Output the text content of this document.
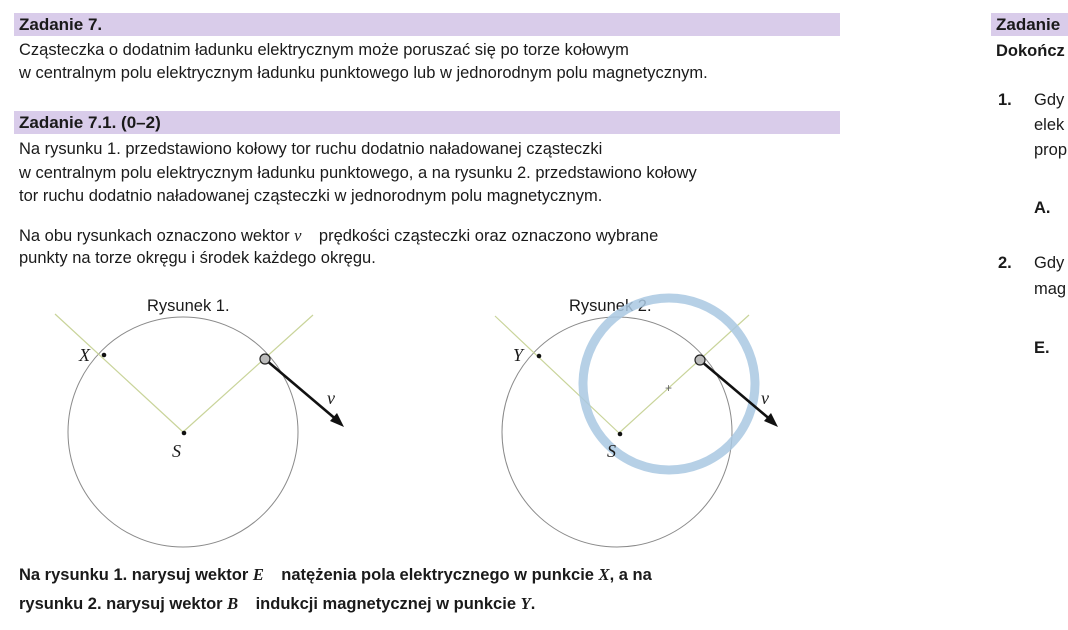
Zadanie 7.
Cząsteczka o dodatnim ładunku elektrycznym może poruszać się po torze kołowym
w centralnym polu elektrycznym ładunku punktowego lub w jednorodnym polu magnetycznym.
Zadanie 7.1. (0–2)
Na rysunku 1. przedstawiono kołowy tor ruchu dodatnio naładowanej cząsteczki
w centralnym polu elektrycznym ładunku punktowego, a na rysunku 2. przedstawiono kołowy
tor ruchu dodatnio naładowanej cząsteczki w jednorodnym polu magnetycznym.
Na obu rysunkach oznaczono wektor v⃗ prędkości cząsteczki oraz oznaczono wybrane
punkty na torze okręgu i środek każdego okręgu.
Rysunek 1.
X
S
v⃗
Rysunek 2.
+
Y
S
v⃗
Na rysunku 1. narysuj wektor E⃗ natężenia pola elektrycznego w punkcie X, a na
rysunku 2. narysuj wektor B⃗ indukcji magnetycznej w punkcie Y.
Zadanie
Dokończ
1. Gdy
elek
prop
A.
2. Gdy
mag
E.
